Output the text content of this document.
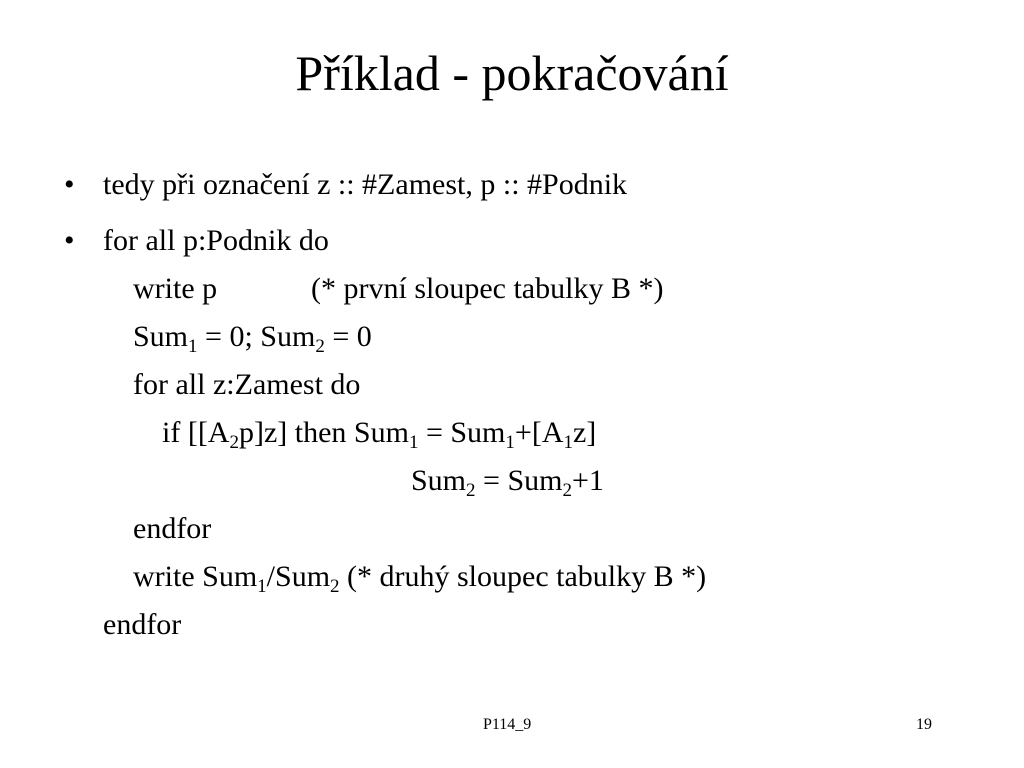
Příklad - pokračování
• tedy při označení z :: #Zamest, p :: #Podnik
• for all p:Podnik do
write p	(* první sloupec tabulky B *)
Sum$_1$ = 0; Sum$_2$ = 0
for all z:Zamest do
if $[[A_2p]z]$ then $Sum_1 = Sum_1+[A_1z]$
Sum$_2$ = Sum$_2$+1
endfor
write Sum$_1$/Sum$_2$ (* druhý sloupec tabulky B *)
endfor
P114_9	19
